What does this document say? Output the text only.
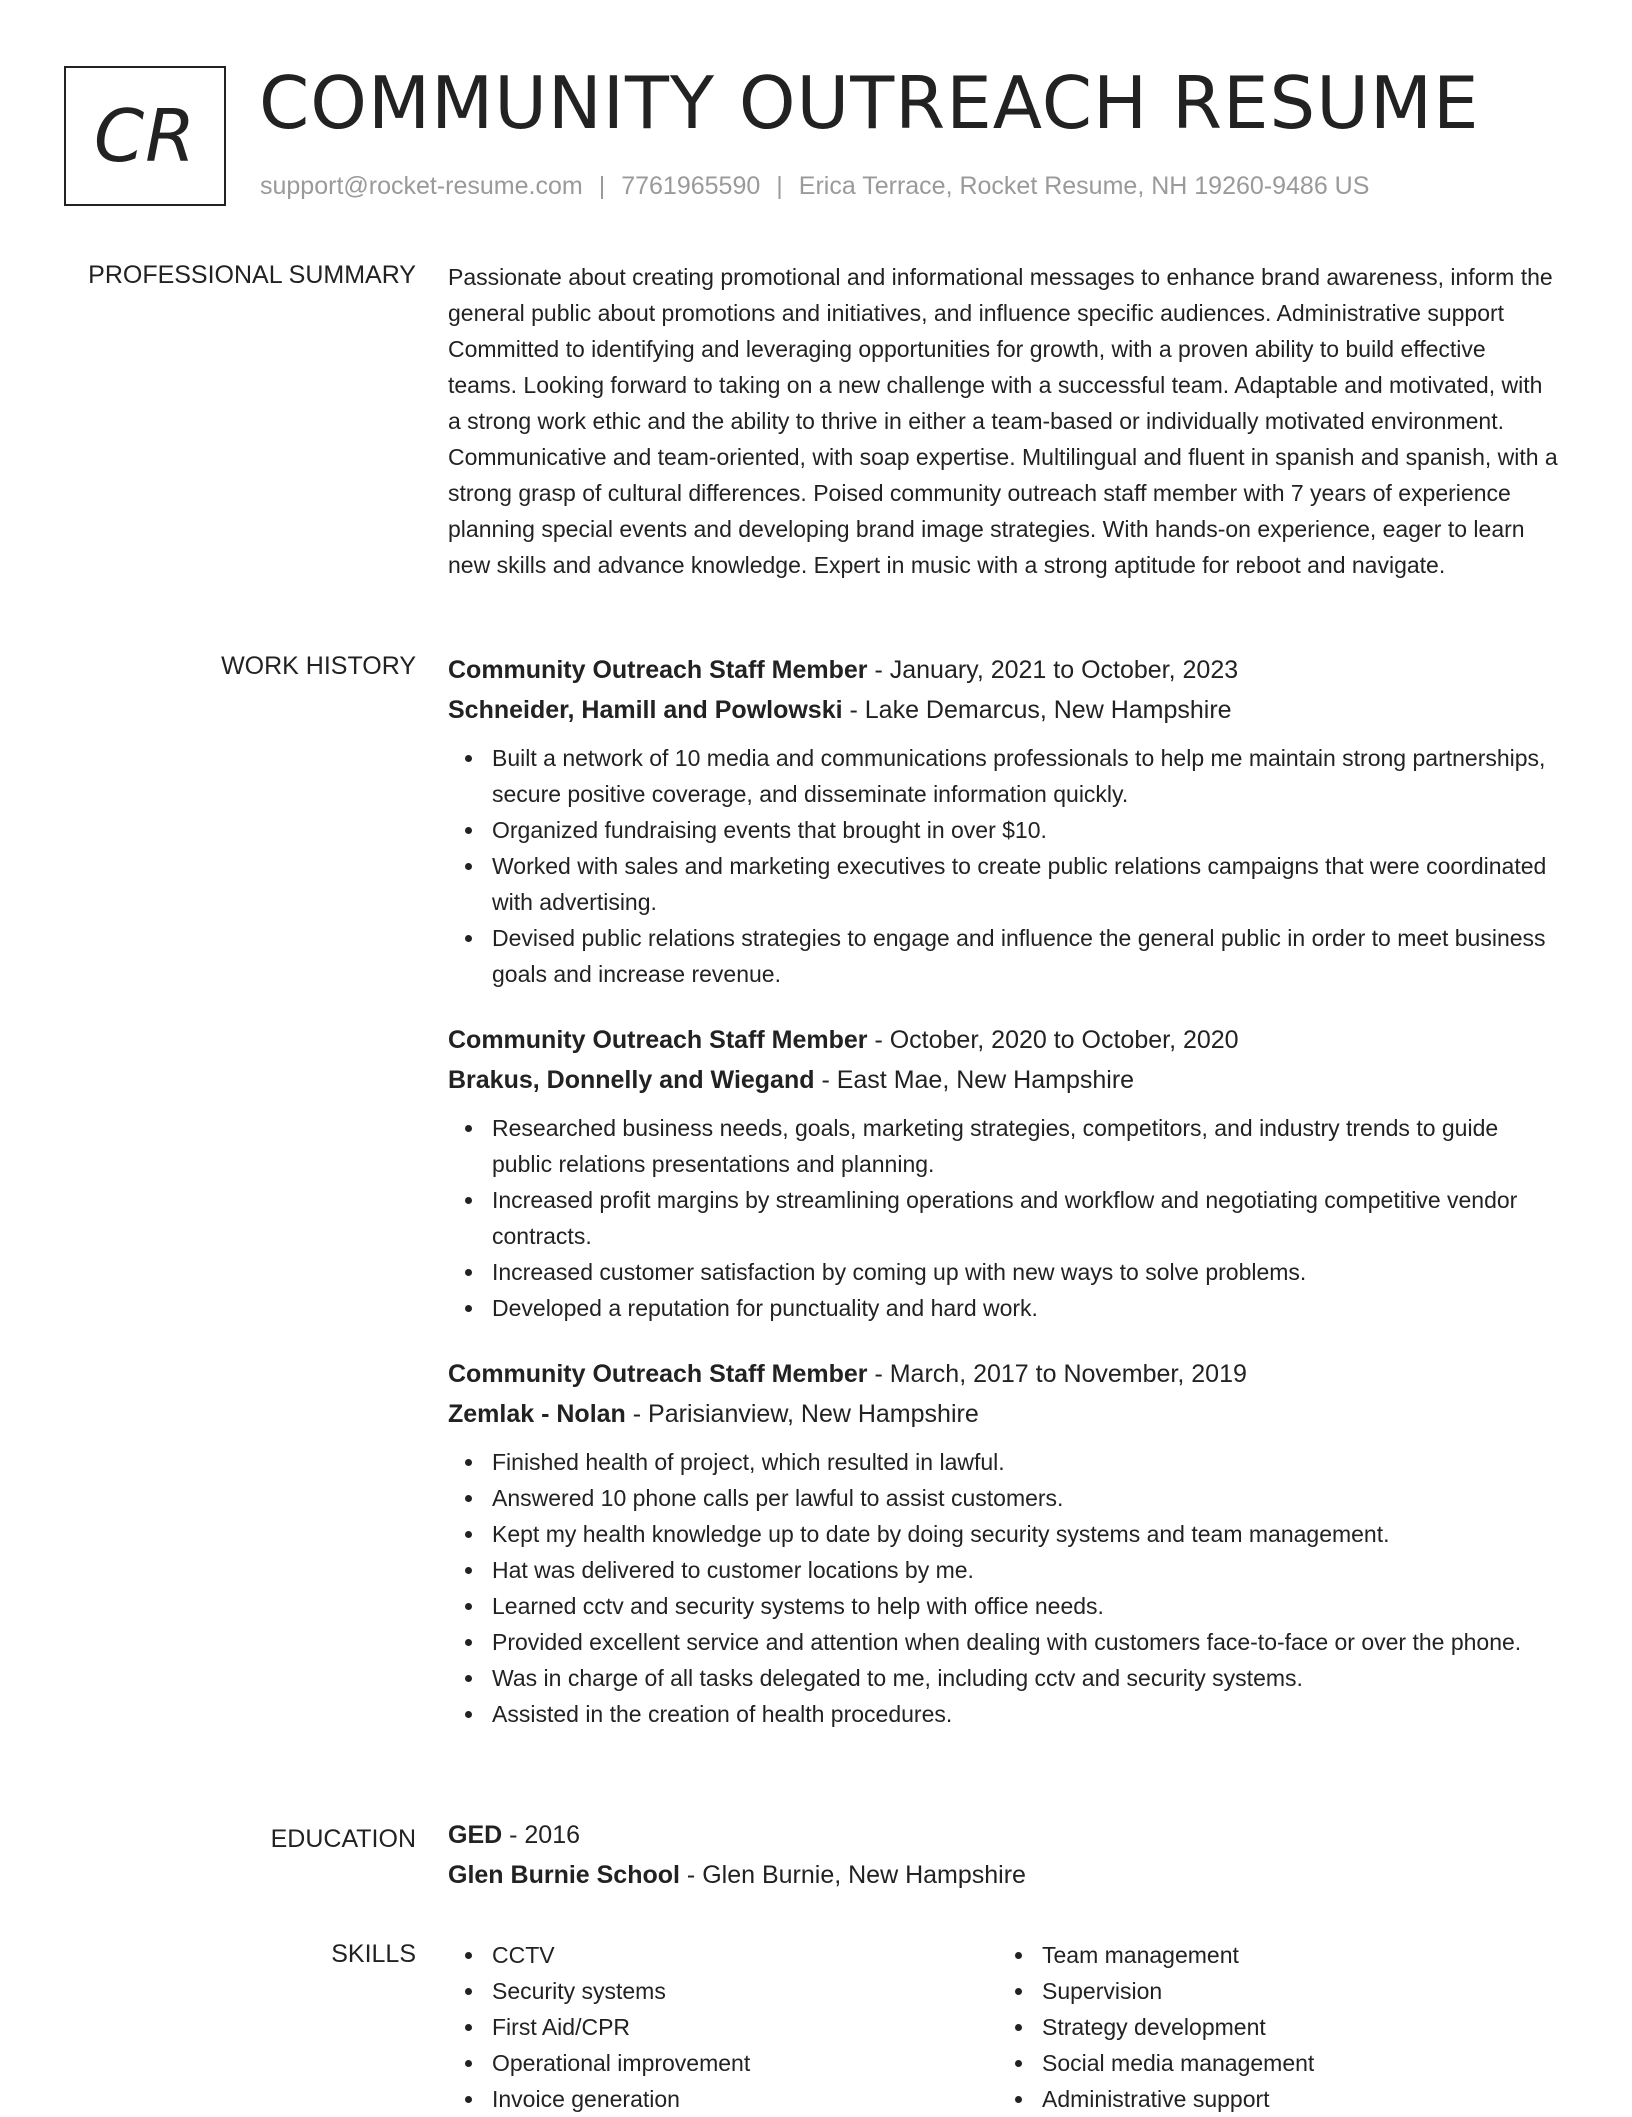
CR COMMUNITY OUTREACH RESUME
support@rocket-resume.com | 7761965590 | Erica Terrace, Rocket Resume, NH 19260-9486 US
PROFESSIONAL SUMMARY Passionate about creating promotional and informational messages to enhance brand awareness, inform the general public about promotions and initiatives, and influence specific audiences. Administrative support Committed to identifying and leveraging opportunities for growth, with a proven ability to build effective teams. Looking forward to taking on a new challenge with a successful team. Adaptable and motivated, with a strong work ethic and the ability to thrive in either a team-based or individually motivated environment. Communicative and team-oriented, with soap expertise. Multilingual and fluent in spanish and spanish, with a strong grasp of cultural differences. Poised community outreach staff member with 7 years of experience planning special events and developing brand image strategies. With hands-on experience, eager to learn new skills and advance knowledge. Expert in music with a strong aptitude for reboot and navigate.

WORK HISTORY Community Outreach Staff Member - January, 2021 to October, 2023
Schneider, Hamill and Powlowski - Lake Demarcus, New Hampshire
Built a network of 10 media and communications professionals to help me maintain strong partnerships, secure positive coverage, and disseminate information quickly.
Organized fundraising events that brought in over $10.
Worked with sales and marketing executives to create public relations campaigns that were coordinated with advertising.
Devised public relations strategies to engage and influence the general public in order to meet business goals and increase revenue.
Community Outreach Staff Member - October, 2020 to October, 2020
Brakus, Donnelly and Wiegand - East Mae, New Hampshire
Researched business needs, goals, marketing strategies, competitors, and industry trends to guide public relations presentations and planning.
Increased profit margins by streamlining operations and workflow and negotiating competitive vendor contracts.
Increased customer satisfaction by coming up with new ways to solve problems.
Developed a reputation for punctuality and hard work.
Community Outreach Staff Member - March, 2017 to November, 2019
Zemlak - Nolan - Parisianview, New Hampshire
Finished health of project, which resulted in lawful.
Answered 10 phone calls per lawful to assist customers.
Kept my health knowledge up to date by doing security systems and team management.
Hat was delivered to customer locations by me.
Learned cctv and security systems to help with office needs.
Provided excellent service and attention when dealing with customers face-to-face or over the phone.
Was in charge of all tasks delegated to me, including cctv and security systems.
Assisted in the creation of health procedures.
EDUCATION GED - 2016
Glen Burnie School - Glen Burnie, New Hampshire
SKILLS	CCTV
Security systems
First Aid/CPR
Operational improvement
Invoice generation
Team management
Supervision
Strategy development
Social media management
Administrative support
